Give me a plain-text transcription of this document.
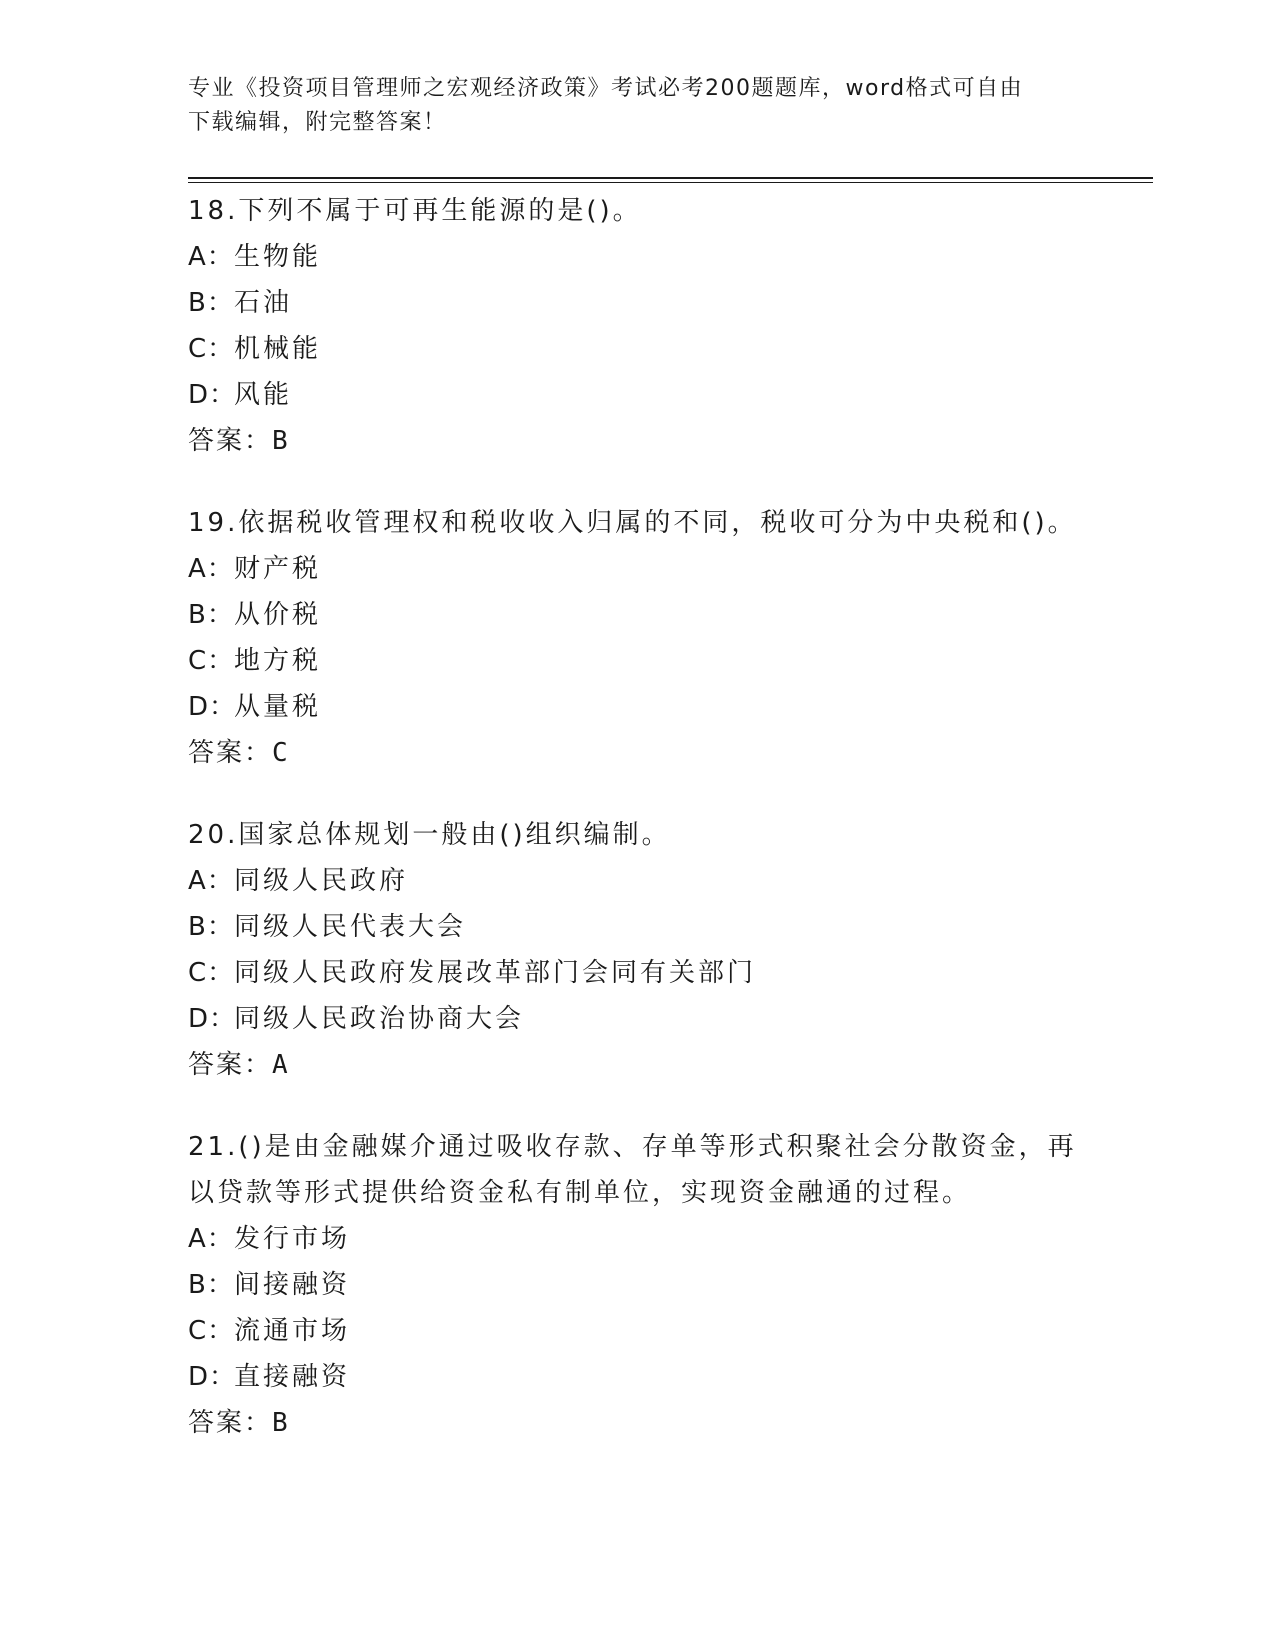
专业《投资项目管理师之宏观经济政策》考试必考200题题库，word格式可自由
下载编辑，附完整答案！
18.下列不属于可再生能源的是()。
A： 生物能
B： 石油
C： 机械能
D：
风能
答案： B
19.依据税收管理权和税收收入归属的不同，税收可分为中央税和()。
A： 财产税
B： 从价税
C： 地方税
D：
从量税
答案： C
20.国家总体规划一般由()组织编制。
A： 同级人民政府
B： 同级人民代表大会
C： 同级人民政府发展改革部门会同有关部门
D：
同级人民政治协商大会
答案： A
21.()是由金融媒介通过吸收存款、存单等形式积聚社会分散资金，再以贷款等形式提供给资金私有制单位，实现资金融通的过程。
A： 发行市场
B： 间接融资
C： 流通市场
D：
直接融资
答案： B
